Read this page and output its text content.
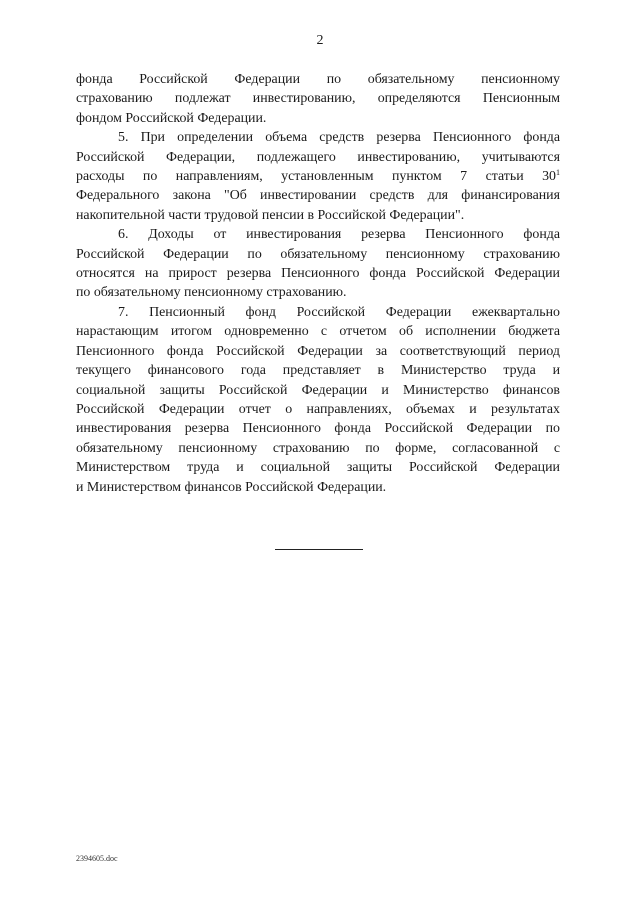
2
фонда Российской Федерации по обязательному пенсионному
страхованию подлежат инвестированию, определяются Пенсионным
фондом Российской Федерации.
5. При определении объема средств резерва Пенсионного фонда
Российской Федерации, подлежащего инвестированию, учитываются
расходы по направлениям, установленным пунктом 7 статьи $30^1$
Федерального закона "Об инвестировании средств для финансирования
накопительной части трудовой пенсии в Российской Федерации".
6. Доходы от инвестирования резерва Пенсионного фонда
Российской Федерации по обязательному пенсионному страхованию
относятся на прирост резерва Пенсионного фонда Российской Федерации
по обязательному пенсионному страхованию.
7. Пенсионный фонд Российской Федерации ежеквартально
нарастающим итогом одновременно с отчетом об исполнении бюджета
Пенсионного фонда Российской Федерации за соответствующий период
текущего финансового года представляет в Министерство труда и
социальной защиты Российской Федерации и Министерство финансов
Российской Федерации отчет о направлениях, объемах и результатах
инвестирования резерва Пенсионного фонда Российской Федерации по
обязательному пенсионному страхованию по форме, согласованной с
Министерством труда и социальной защиты Российской Федерации
и Министерством финансов Российской Федерации.
2394605.doc
